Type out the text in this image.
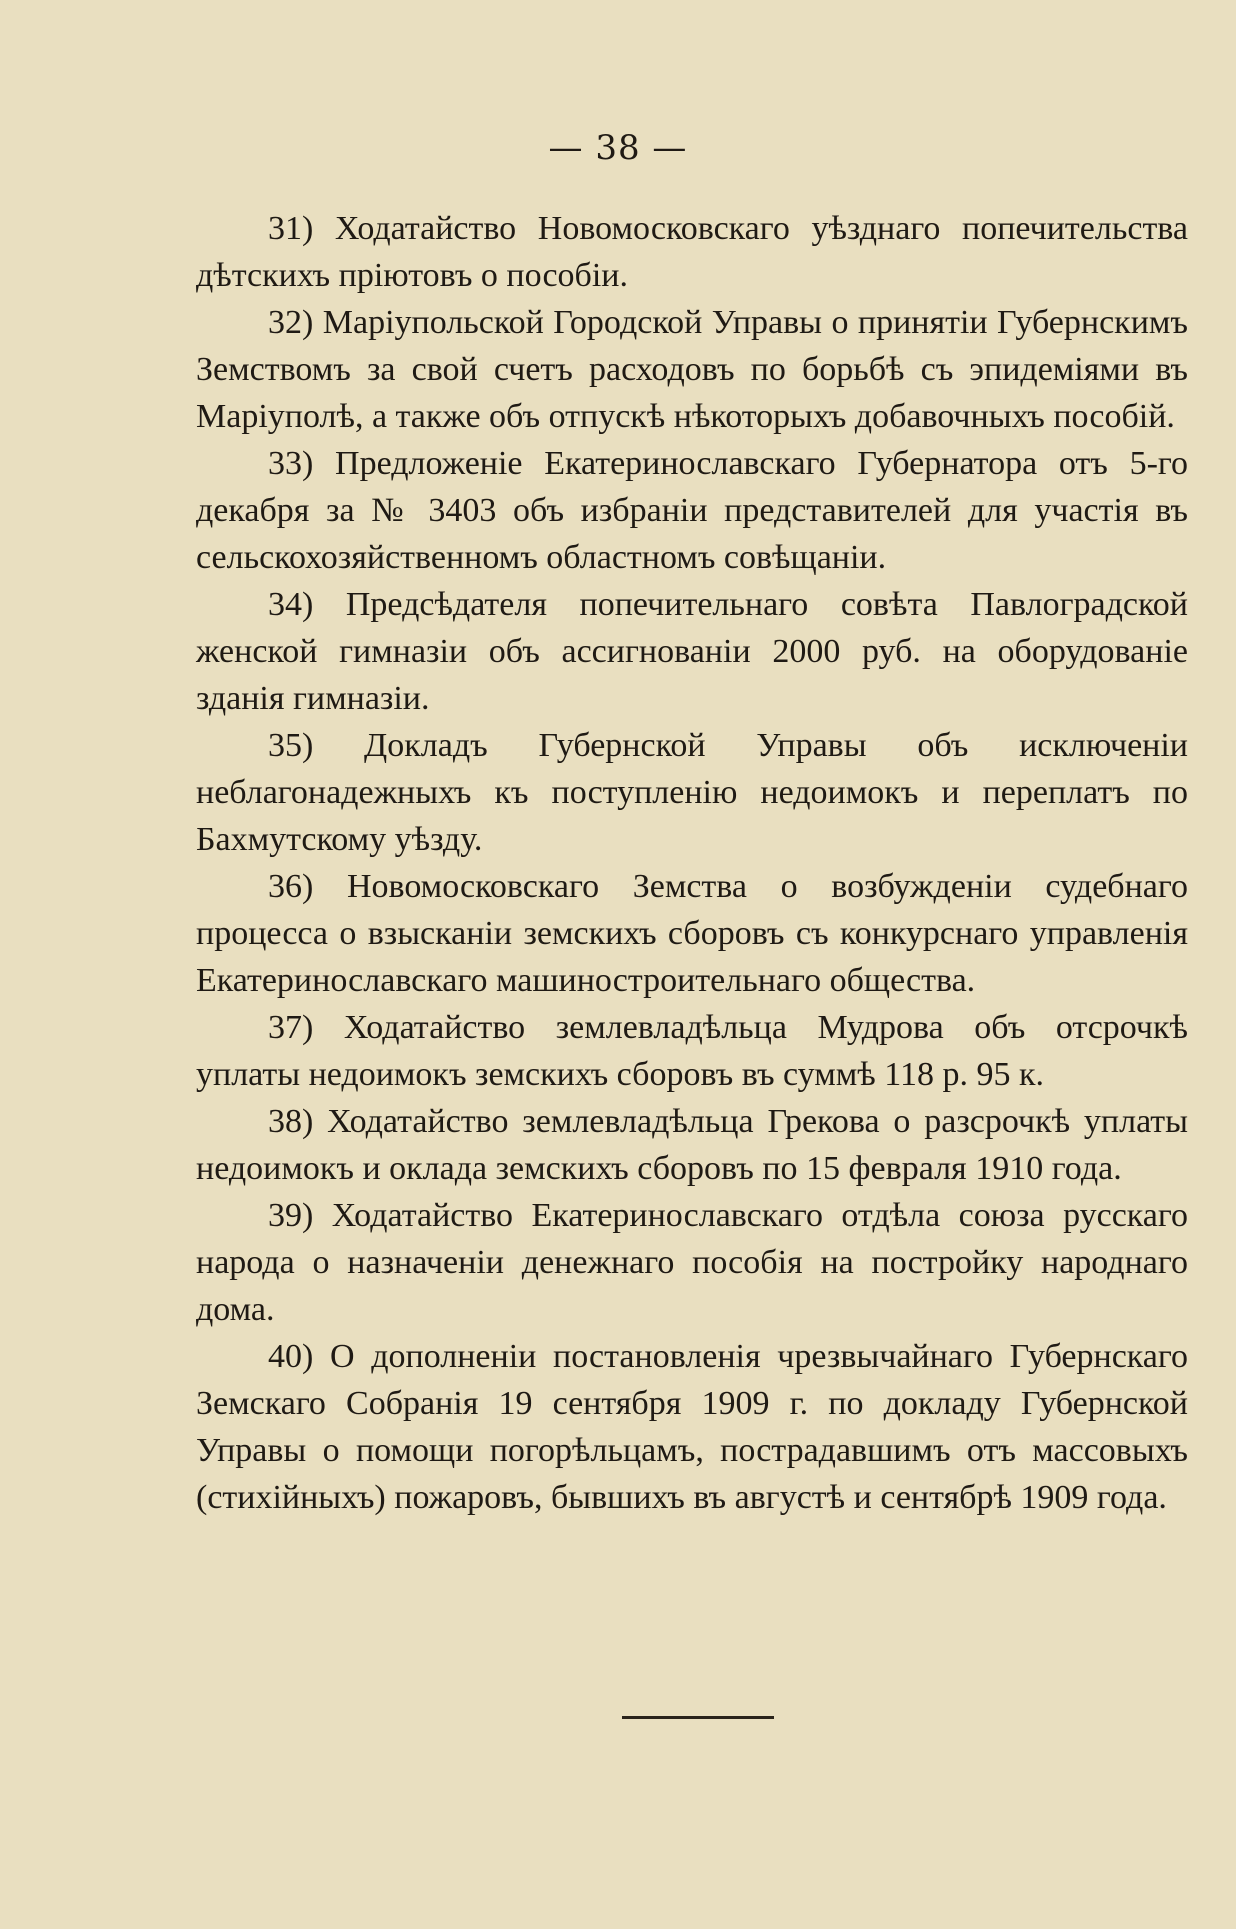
— 38 —

31) Ходатайство Новомосковскаго уѣзднаго попечительства дѣтскихъ пріютовъ о пособіи.

32) Маріупольской Городской Управы о принятіи Губернскимъ Земствомъ за свой счетъ расходовъ по борьбѣ съ эпидеміями въ Маріуполѣ, а также объ отпускѣ нѣкоторыхъ добавочныхъ пособій.

33) Предложеніе Екатеринославскаго Губернатора отъ 5-го декабря за № 3403 объ избраніи представителей для участія въ сельскохозяйственномъ областномъ совѣщаніи.

34) Предсѣдателя попечительнаго совѣта Павлоградской женской гимназіи объ ассигнованіи 2000 руб. на оборудованіе зданія гимназіи.

35) Докладъ Губернской Управы объ исключеніи неблагонадежныхъ къ поступленію недоимокъ и переплатъ по Бахмутскому уѣзду.

36) Новомосковскаго Земства о возбужденіи судебнаго процесса о взысканіи земскихъ сборовъ съ конкурснаго управленія Екатеринославскаго машиностроительнаго общества.

37) Ходатайство землевладѣльца Мудрова объ отсрочкѣ уплаты недоимокъ земскихъ сборовъ въ суммѣ 118 р. 95 к.

38) Ходатайство землевладѣльца Грекова о разсрочкѣ уплаты недоимокъ и оклада земскихъ сборовъ по 15 февраля 1910 года.

39) Ходатайство Екатеринославскаго отдѣла союза русскаго народа о назначеніи денежнаго пособія на постройку народнаго дома.

40) О дополненіи постановленія чрезвычайнаго Губернскаго Земскаго Собранія 19 сентября 1909 г. по докладу Губернской Управы о помощи погорѣльцамъ, пострадавшимъ отъ массовыхъ (стихійныхъ) пожаровъ, бывшихъ въ августѣ и сентябрѣ 1909 года.
